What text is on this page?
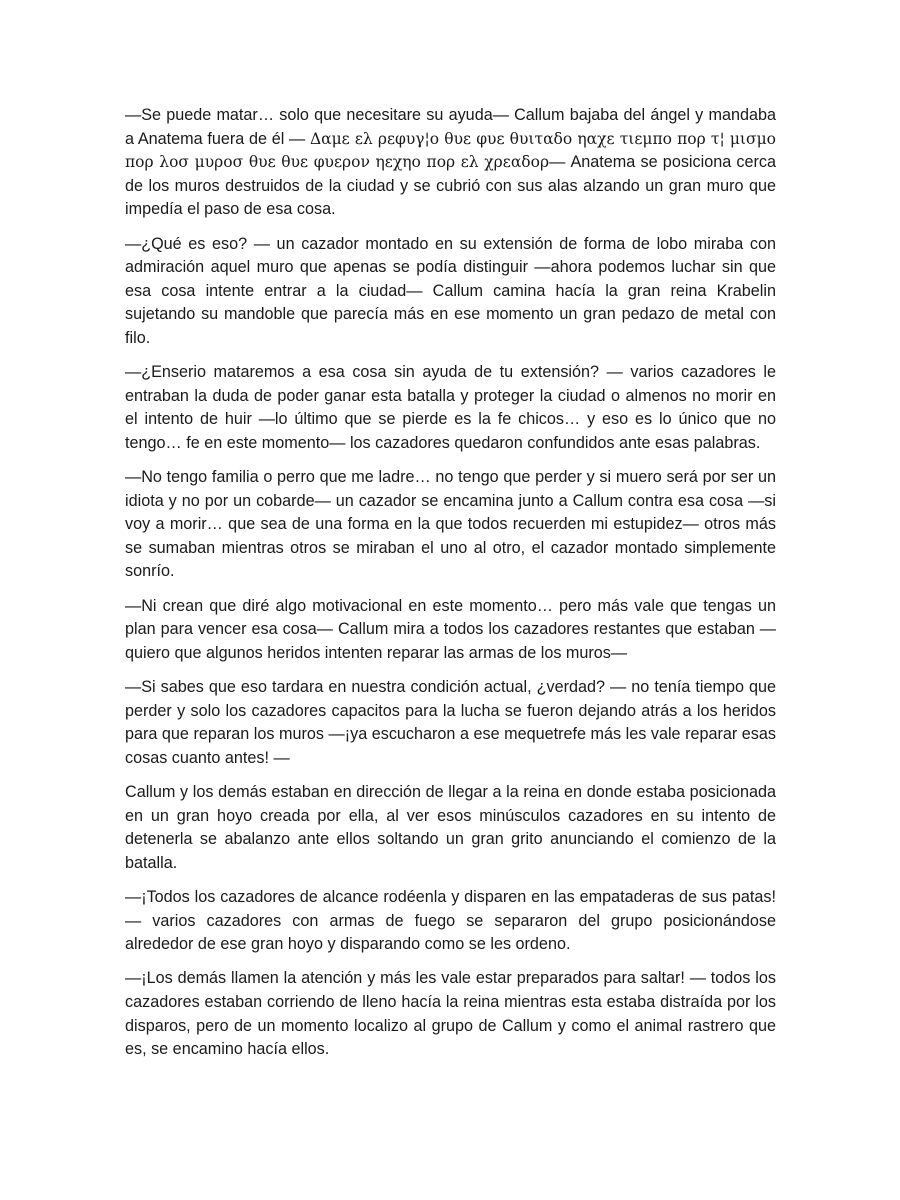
—Se puede matar… solo que necesitare su ayuda— Callum bajaba del ángel y mandaba a Anatema fuera de él — Δαμε ελ ρεφυγ¦ο θυε φυε θυιταδο ηαχε τιεμπο πορ τ¦ μισμο πορ λοσ μυροσ θυε θυε φυερον ηεχηο πορ ελ χρεαδορ— Anatema se posiciona cerca de los muros destruidos de la ciudad y se cubrió con sus alas alzando un gran muro que impedía el paso de esa cosa.

—¿Qué es eso? — un cazador montado en su extensión de forma de lobo miraba con admiración aquel muro que apenas se podía distinguir —ahora podemos luchar sin que esa cosa intente entrar a la ciudad— Callum camina hacía la gran reina Krabelin sujetando su mandoble que parecía más en ese momento un gran pedazo de metal con filo.

—¿Enserio mataremos a esa cosa sin ayuda de tu extensión? — varios cazadores le entraban la duda de poder ganar esta batalla y proteger la ciudad o almenos no morir en el intento de huir —lo último que se pierde es la fe chicos… y eso es lo único que no tengo… fe en este momento— los cazadores quedaron confundidos ante esas palabras.

—No tengo familia o perro que me ladre… no tengo que perder y si muero será por ser un idiota y no por un cobarde— un cazador se encamina junto a Callum contra esa cosa —si voy a morir… que sea de una forma en la que todos recuerden mi estupidez— otros más se sumaban mientras otros se miraban el uno al otro, el cazador montado simplemente sonrío.

—Ni crean que diré algo motivacional en este momento… pero más vale que tengas un plan para vencer esa cosa— Callum mira a todos los cazadores restantes que estaban —quiero que algunos heridos intenten reparar las armas de los muros—

—Si sabes que eso tardara en nuestra condición actual, ¿verdad? — no tenía tiempo que perder y solo los cazadores capacitos para la lucha se fueron dejando atrás a los heridos para que reparan los muros —¡ya escucharon a ese mequetrefe más les vale reparar esas cosas cuanto antes! —

Callum y los demás estaban en dirección de llegar a la reina en donde estaba posicionada en un gran hoyo creada por ella, al ver esos minúsculos cazadores en su intento de detenerla se abalanzo ante ellos soltando un gran grito anunciando el comienzo de la batalla.

—¡Todos los cazadores de alcance rodéenla y disparen en las empataderas de sus patas! — varios cazadores con armas de fuego se separaron del grupo posicionándose alrededor de ese gran hoyo y disparando como se les ordeno.

—¡Los demás llamen la atención y más les vale estar preparados para saltar! — todos los cazadores estaban corriendo de lleno hacía la reina mientras esta estaba distraída por los disparos, pero de un momento localizo al grupo de Callum y como el animal rastrero que es, se encamino hacía ellos.
